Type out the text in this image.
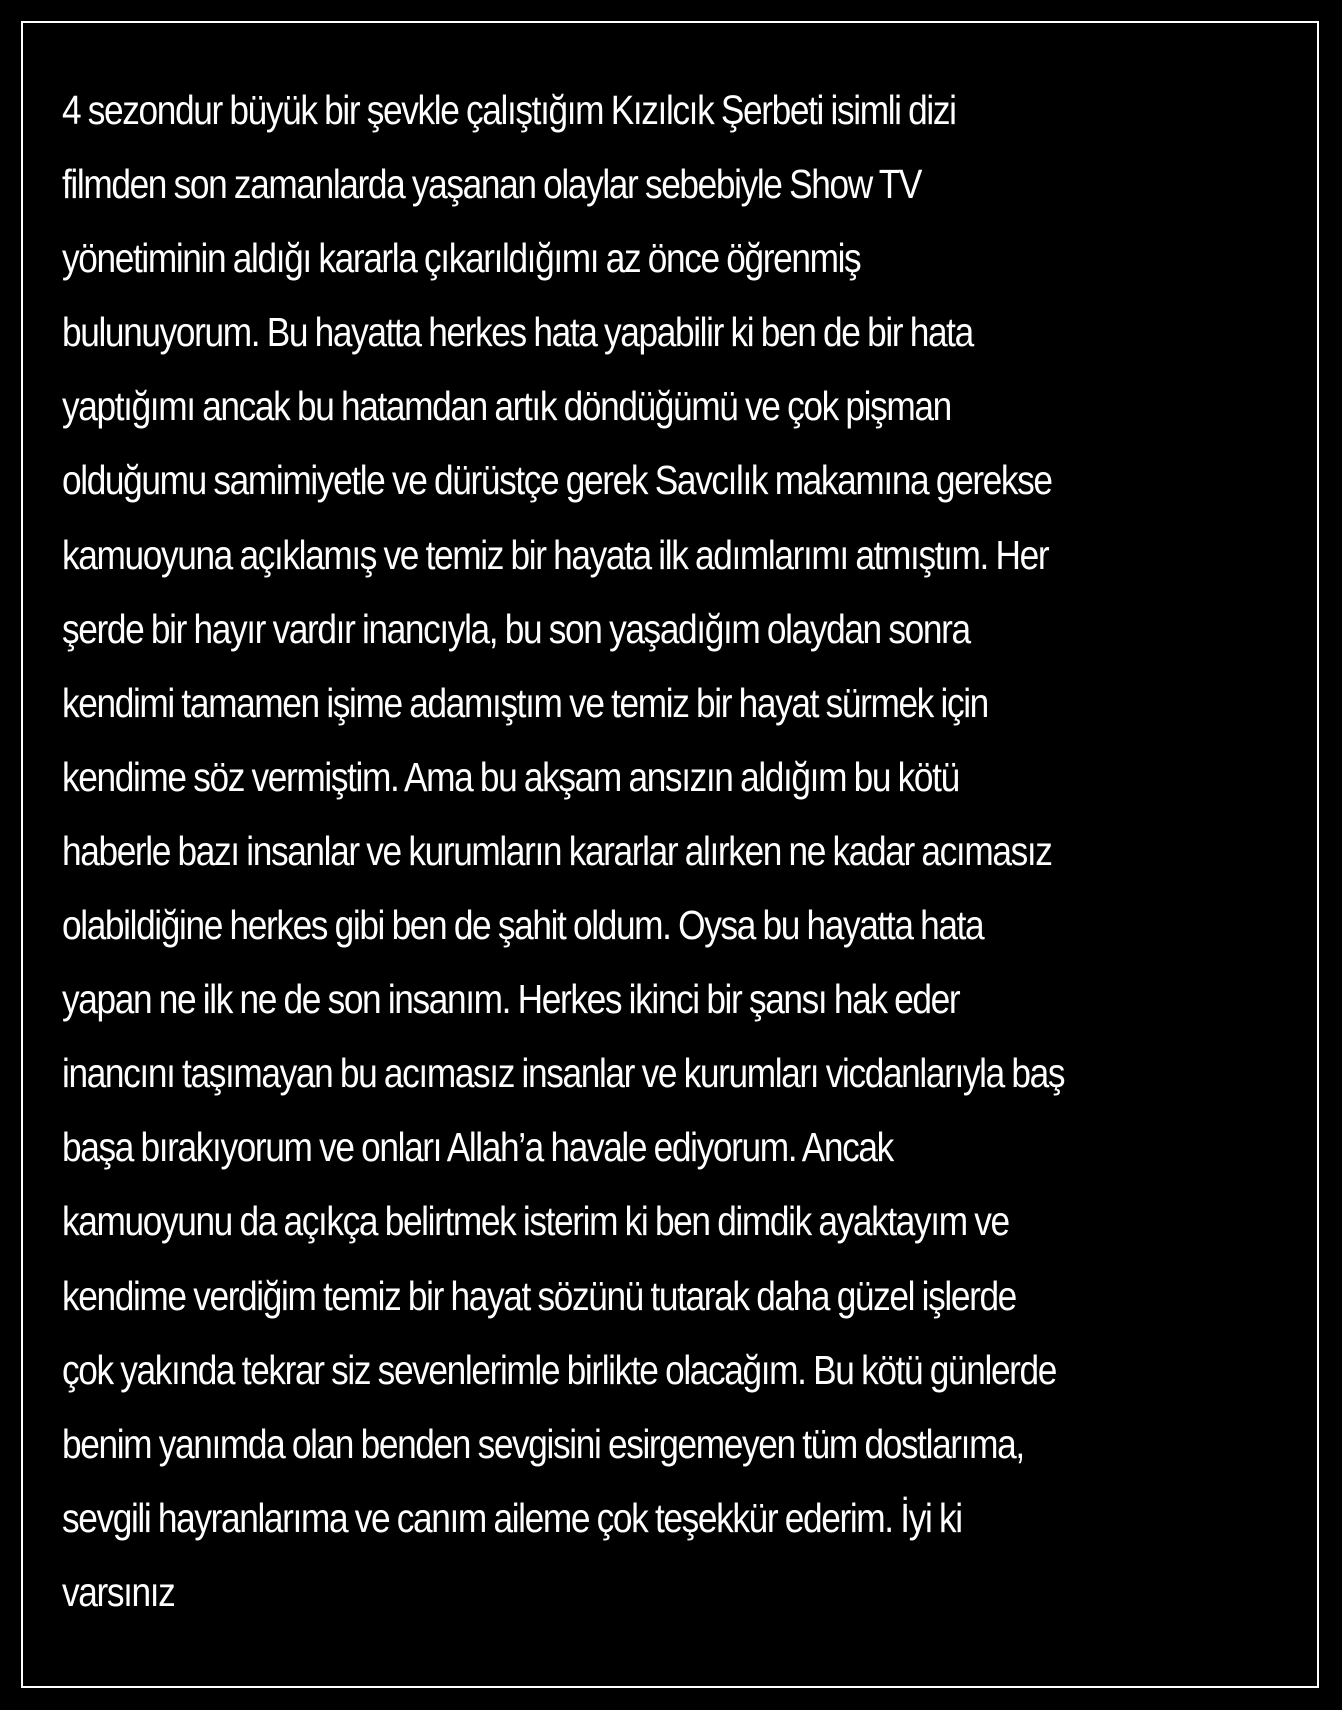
4 sezondur büyük bir şevkle çalıştığım Kızılcık Şerbeti isimli dizi
filmden son zamanlarda yaşanan olaylar sebebiyle Show TV
yönetiminin aldığı kararla çıkarıldığımı az önce öğrenmiş
bulunuyorum. Bu hayatta herkes hata yapabilir ki ben de bir hata
yaptığımı ancak bu hatamdan artık döndüğümü ve çok pişman
olduğumu samimiyetle ve dürüstçe gerek Savcılık makamına gerekse
kamuoyuna açıklamış ve temiz bir hayata ilk adımlarımı atmıştım. Her
şerde bir hayır vardır inancıyla, bu son yaşadığım olaydan sonra
kendimi tamamen işime adamıştım ve temiz bir hayat sürmek için
kendime söz vermiştim. Ama bu akşam ansızın aldığım bu kötü
haberle bazı insanlar ve kurumların kararlar alırken ne kadar acımasız
olabildiğine herkes gibi ben de şahit oldum. Oysa bu hayatta hata
yapan ne ilk ne de son insanım. Herkes ikinci bir şansı hak eder
inancını taşımayan bu acımasız insanlar ve kurumları vicdanlarıyla baş
başa bırakıyorum ve onları Allah’a havale ediyorum. Ancak
kamuoyunu da açıkça belirtmek isterim ki ben dimdik ayaktayım ve
kendime verdiğim temiz bir hayat sözünü tutarak daha güzel işlerde
çok yakında tekrar siz sevenlerimle birlikte olacağım. Bu kötü günlerde
benim yanımda olan benden sevgisini esirgemeyen tüm dostlarıma,
sevgili hayranlarıma ve canım aileme çok teşekkür ederim. İyi ki
varsınız
